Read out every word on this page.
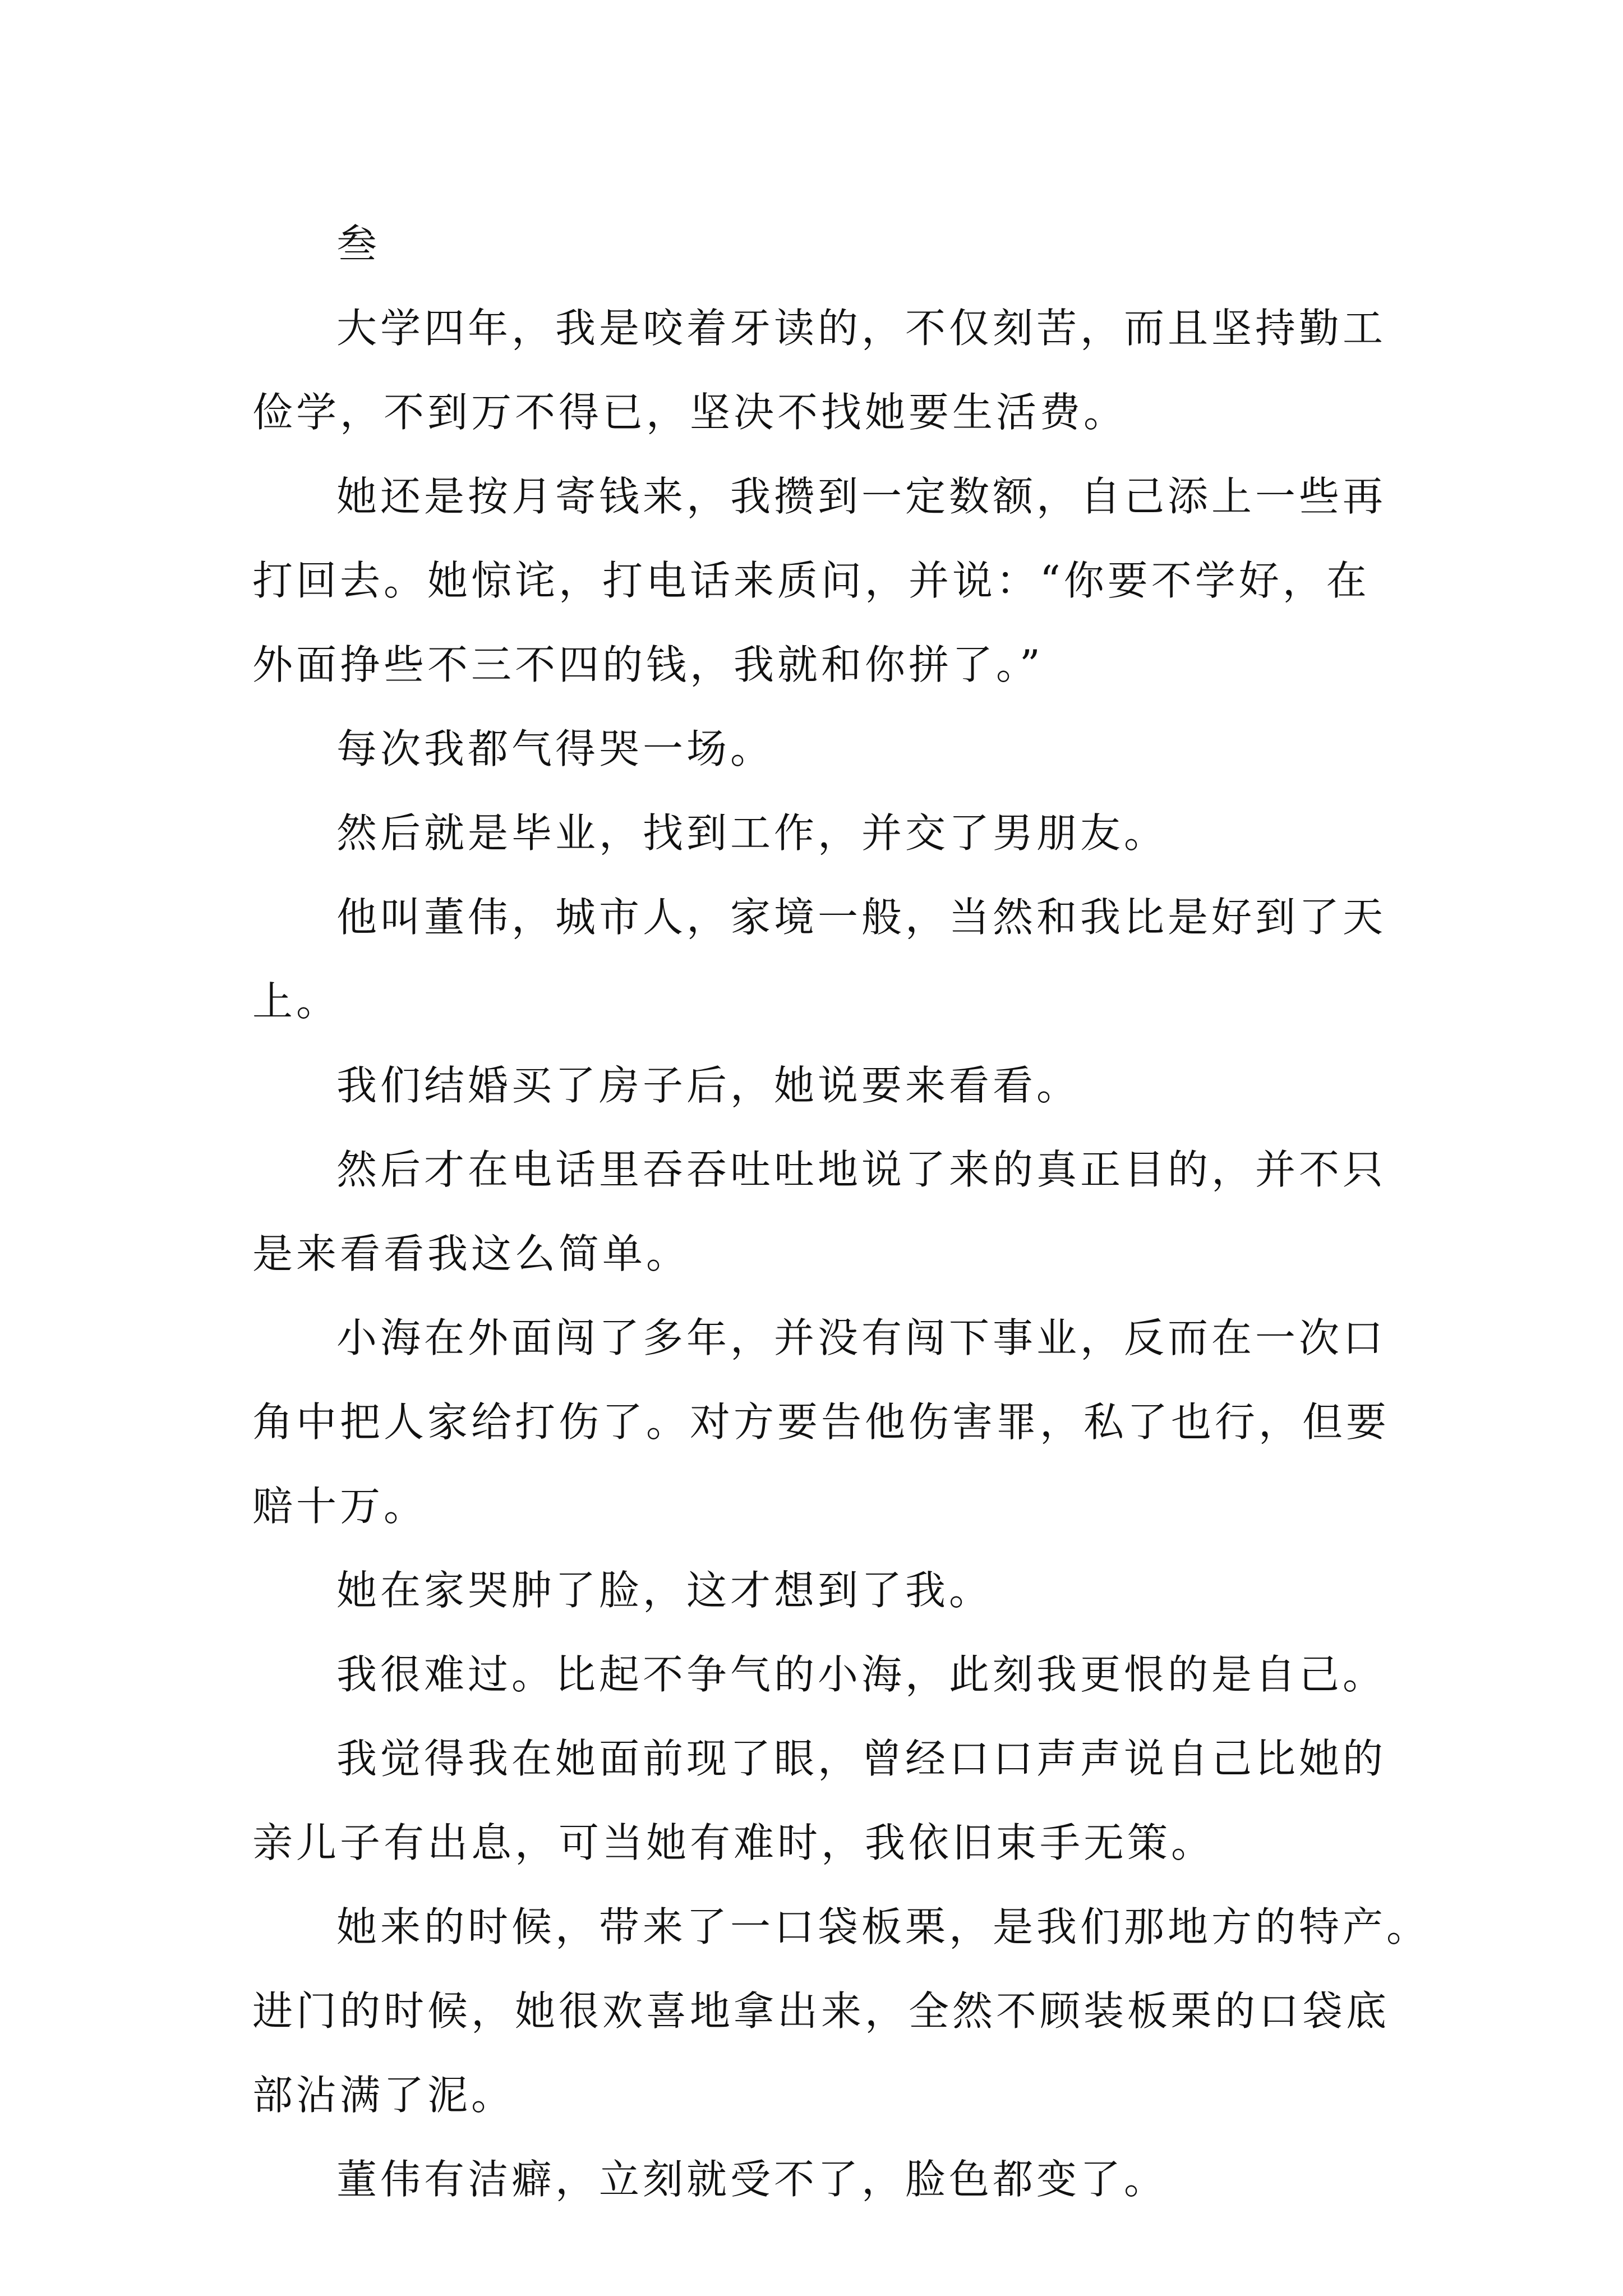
叁
大学四年，我是咬着牙读的，不仅刻苦，而且坚持勤工
俭学，不到万不得已，坚决不找她要生活费。
她还是按月寄钱来，我攒到一定数额，自己添上一些再
打回去。她惊诧，打电话来质问，并说：“你要不学好，在
外面挣些不三不四的钱，我就和你拼了。”
每次我都气得哭一场。
然后就是毕业，找到工作，并交了男朋友。
他叫董伟，城市人，家境一般，当然和我比是好到了天
上。
我们结婚买了房子后，她说要来看看。
然后才在电话里吞吞吐吐地说了来的真正目的，并不只
是来看看我这么简单。
小海在外面闯了多年，并没有闯下事业，反而在一次口
角中把人家给打伤了。对方要告他伤害罪，私了也行，但要
赔十万。
她在家哭肿了脸，这才想到了我。
我很难过。比起不争气的小海，此刻我更恨的是自己。
我觉得我在她面前现了眼，曾经口口声声说自己比她的
亲儿子有出息，可当她有难时，我依旧束手无策。
她来的时候，带来了一口袋板栗，是我们那地方的特产。
进门的时候，她很欢喜地拿出来，全然不顾装板栗的口袋底
部沾满了泥。
董伟有洁癖，立刻就受不了，脸色都变了。
